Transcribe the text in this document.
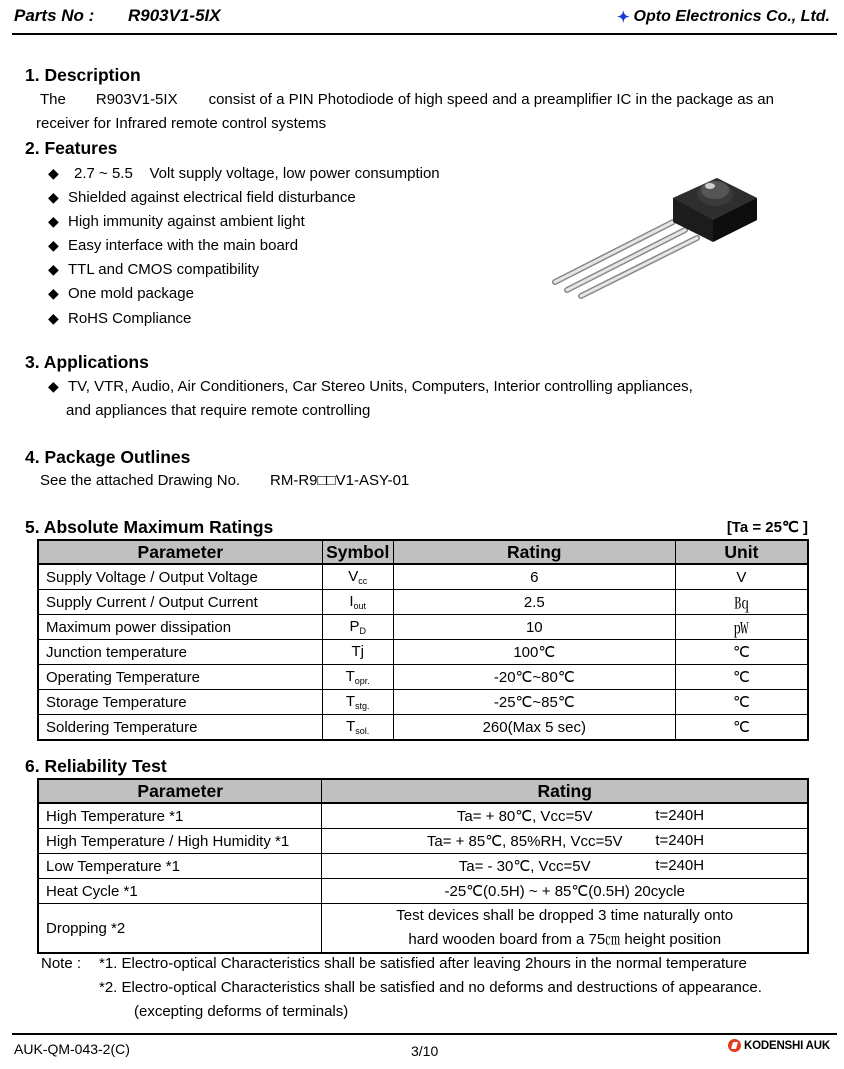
Parts No : R903V1-5IX	✦ Opto Electronics Co., Ltd.
1. Description
The R903V1-5IX consist of a PIN Photodiode of high speed and a preamplifier IC in the package as an
receiver for Infrared remote control systems
2. Features
◆ 2.7 ~ 5.5    Volt supply voltage, low power consumption
◆ Shielded against electrical field disturbance
◆ High immunity against ambient light
◆ Easy interface with the main board
◆ TTL and CMOS compatibility
◆ One mold package
◆ RoHS Compliance
3. Applications
◆ TV, VTR, Audio, Air Conditioners, Car Stereo Units, Computers, Interior controlling appliances,
and appliances that require remote controlling
4. Package Outlines
See the attached Drawing No. RM-R9□□V1-ASY-01
5. Absolute Maximum Ratings	[Ta = 25℃ ]
Parameter	Symbol	Rating	Unit
Supply Voltage / Output Voltage	$V_{cc}$	6	V
Supply Current / Output Current	$I_{out}$	2.5	㏃
Maximum power dissipation	$P_D$	10	㎺
Junction temperature	Tj	100℃	℃
Operating Temperature	$T_{opr.}$	-20℃~80℃	℃
Storage Temperature	$T_{stg.}$	-25℃~85℃	℃
Soldering Temperature	$T_{sol.}$	260(Max 5 sec)	℃
6. Reliability Test
Parameter	Rating
High Temperature *1	Ta= + 80℃, Vcc=5V t=240H

High Temperature / High Humidity *1	Ta= + 85℃, 85%RH, Vcc=5V t=240H

Low Temperature *1	Ta= - 30℃, Vcc=5V t=240H

Heat Cycle *1	-25℃(0.5H) ~ + 85℃(0.5H) 20cycle
Dropping *2	Test devices shall be dropped 3 time naturally onto
hard wooden board from a 75㎝ height position
Note : *1. Electro-optical Characteristics shall be satisfied after leaving 2hours in the normal temperature
*2. Electro-optical Characteristics shall be satisfied and no deforms and destructions of appearance.
(excepting deforms of terminals)
AUK-QM-043-2(C)	3/10	KODENSHI AUK
